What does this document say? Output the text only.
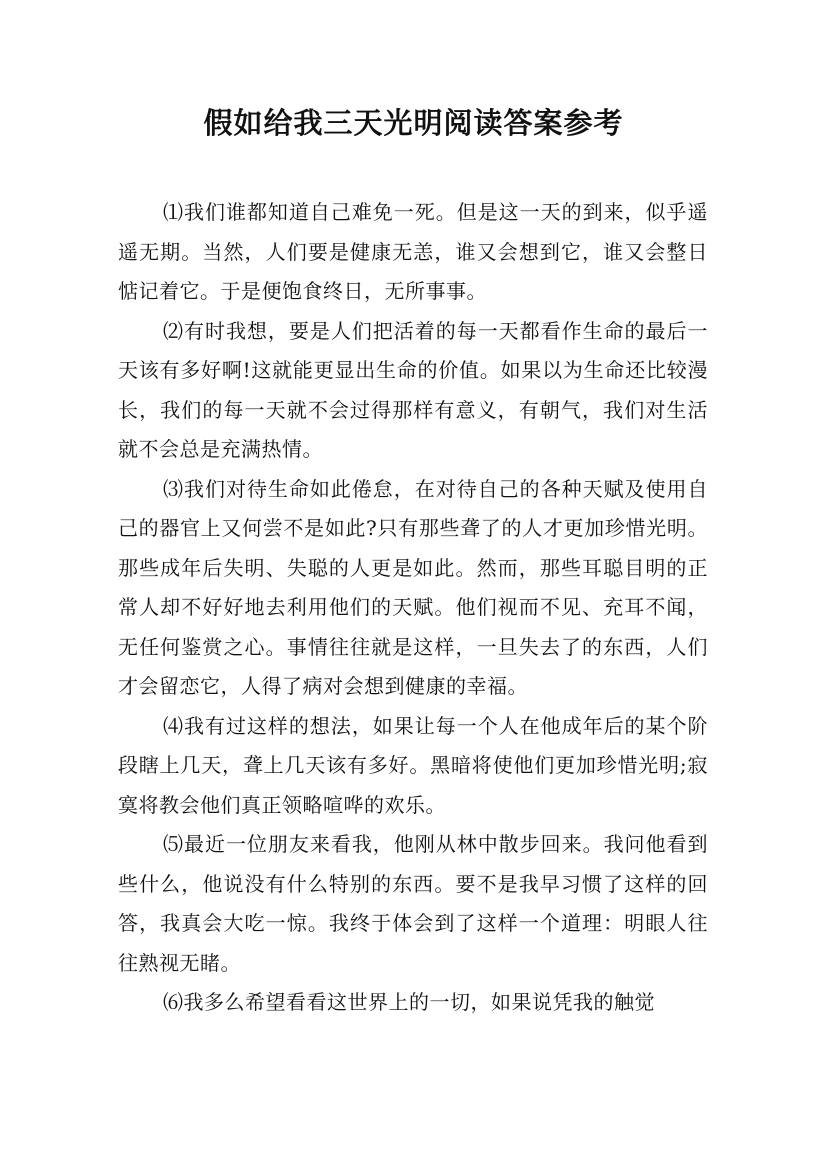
假如给我三天光明阅读答案参考

⑴我们谁都知道自己难免一死。但是这一天的到来，似乎遥遥无期。当然，人们要是健康无恙，谁又会想到它，谁又会整日惦记着它。于是便饱食终日，无所事事。

⑵有时我想，要是人们把活着的每一天都看作生命的最后一天该有多好啊!这就能更显出生命的价值。如果以为生命还比较漫长，我们的每一天就不会过得那样有意义，有朝气，我们对生活就不会总是充满热情。

⑶我们对待生命如此倦怠，在对待自己的各种天赋及使用自己的器官上又何尝不是如此?只有那些聋了的人才更加珍惜光明。那些成年后失明、失聪的人更是如此。然而，那些耳聪目明的正常人却不好好地去利用他们的天赋。他们视而不见、充耳不闻，无任何鉴赏之心。事情往往就是这样，一旦失去了的东西，人们才会留恋它，人得了病对会想到健康的幸福。

⑷我有过这样的想法，如果让每一个人在他成年后的某个阶段瞎上几天，聋上几天该有多好。黑暗将使他们更加珍惜光明;寂寞将教会他们真正领略喧哗的欢乐。

⑸最近一位朋友来看我，他刚从林中散步回来。我问他看到些什么，他说没有什么特别的东西。要不是我早习惯了这样的回答，我真会大吃一惊。我终于体会到了这样一个道理：明眼人往往熟视无睹。

⑹我多么希望看看这世界上的一切，如果说凭我的触觉
